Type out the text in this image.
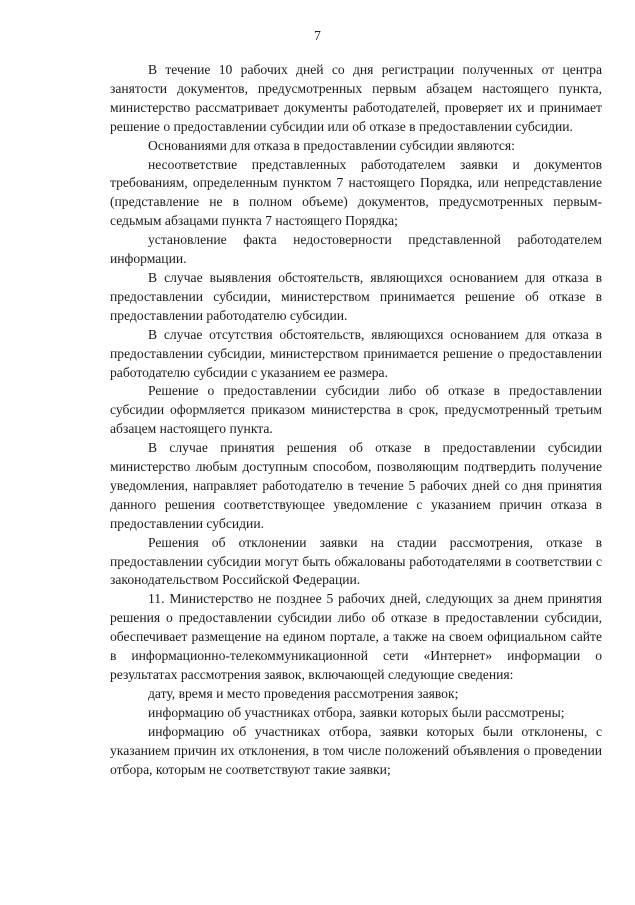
7

В течение 10 рабочих дней со дня регистрации полученных от центра занятости документов, предусмотренных первым абзацем настоящего пункта, министерство рассматривает документы работодателей, проверяет их и принимает решение о предоставлении субсидии или об отказе в предоставлении субсидии.

Основаниями для отказа в предоставлении субсидии являются:

несоответствие представленных работодателем заявки и документов требованиям, определенным пунктом 7 настоящего Порядка, или непредставление (представление не в полном объеме) документов, предусмотренных первым-седьмым абзацами пункта 7 настоящего Порядка;

установление факта недостоверности представленной работодателем информации.

В случае выявления обстоятельств, являющихся основанием для отказа в предоставлении субсидии, министерством принимается решение об отказе в предоставлении работодателю субсидии.

В случае отсутствия обстоятельств, являющихся основанием для отказа в предоставлении субсидии, министерством принимается решение о предоставлении работодателю субсидии с указанием ее размера.

Решение о предоставлении субсидии либо об отказе в предоставлении субсидии оформляется приказом министерства в срок, предусмотренный третьим абзацем настоящего пункта.

В случае принятия решения об отказе в предоставлении субсидии министерство любым доступным способом, позволяющим подтвердить получение уведомления, направляет работодателю в течение 5 рабочих дней со дня принятия данного решения соответствующее уведомление с указанием причин отказа в предоставлении субсидии.

Решения об отклонении заявки на стадии рассмотрения, отказе в предоставлении субсидии могут быть обжалованы работодателями в соответствии с законодательством Российской Федерации.

11. Министерство не позднее 5 рабочих дней, следующих за днем принятия решения о предоставлении субсидии либо об отказе в предоставлении субсидии, обеспечивает размещение на едином портале, а также на своем официальном сайте в информационно-телекоммуникационной сети «Интернет» информации о результатах рассмотрения заявок, включающей следующие сведения:

дату, время и место проведения рассмотрения заявок;

информацию об участниках отбора, заявки которых были рассмотрены;

информацию об участниках отбора, заявки которых были отклонены, с указанием причин их отклонения, в том числе положений объявления о проведении отбора, которым не соответствуют такие заявки;
